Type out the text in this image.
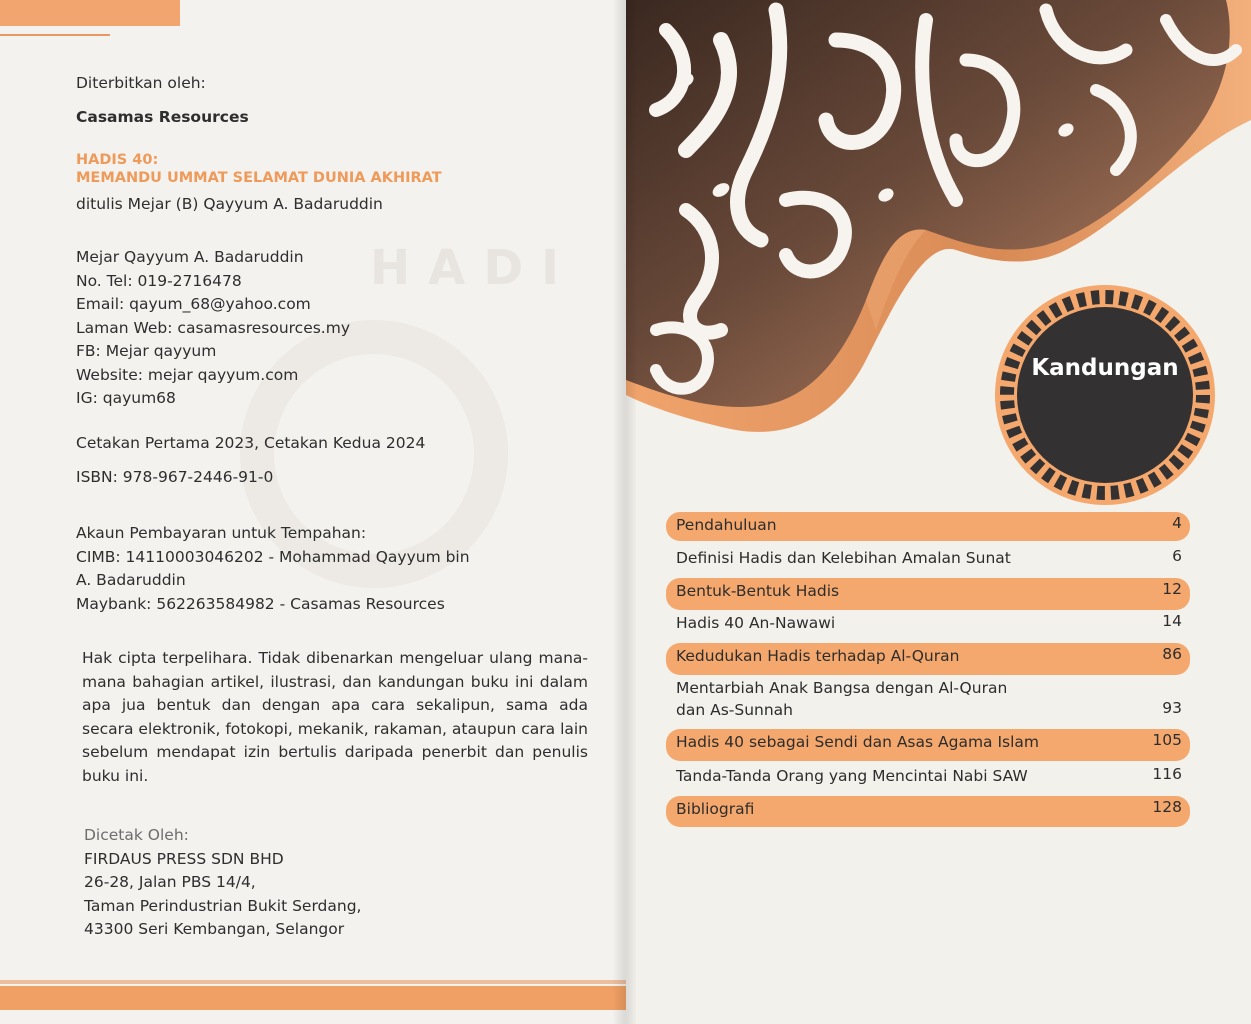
HADI
Diterbitkan oleh:
Casamas Resources
HADIS 40:
MEMANDU UMMAT SELAMAT DUNIA AKHIRAT
ditulis Mejar (B) Qayyum A. Badaruddin
Mejar Qayyum A. Badaruddin
No. Tel: 019-2716478
Email: qayum_68@yahoo.com
Laman Web: casamasresources.my
FB: Mejar qayyum
Website: mejar qayyum.com
IG: qayum68
Cetakan Pertama 2023, Cetakan Kedua 2024
ISBN: 978-967-2446-91-0
Akaun Pembayaran untuk Tempahan:
CIMB: 14110003046202 - Mohammad Qayyum bin
A. Badaruddin
Maybank: 562263584982 - Casamas Resources
Hak cipta terpelihara. Tidak dibenarkan mengeluar ulang mana-mana bahagian artikel, ilustrasi, dan kandungan buku ini dalam apa jua bentuk dan dengan apa cara sekalipun, sama ada secara elektronik, fotokopi, mekanik, rakaman, ataupun cara lain sebelum mendapat izin bertulis daripada penerbit dan penulis buku ini.
Dicetak Oleh:
FIRDAUS PRESS SDN BHD
26-28, Jalan PBS 14/4,
Taman Perindustrian Bukit Serdang,
43300 Seri Kembangan, Selangor
Kandungan
Pendahuluan	4
Definisi Hadis dan Kelebihan Amalan Sunat	6
Bentuk-Bentuk Hadis	12
Hadis 40 An-Nawawi	14
Kedudukan Hadis terhadap Al-Quran	86
Mentarbiah Anak Bangsa dengan Al-Quran
dan As-Sunnah	93
Hadis 40 sebagai Sendi dan Asas Agama Islam	105
Tanda-Tanda Orang yang Mencintai Nabi SAW	116
Bibliografi	128
